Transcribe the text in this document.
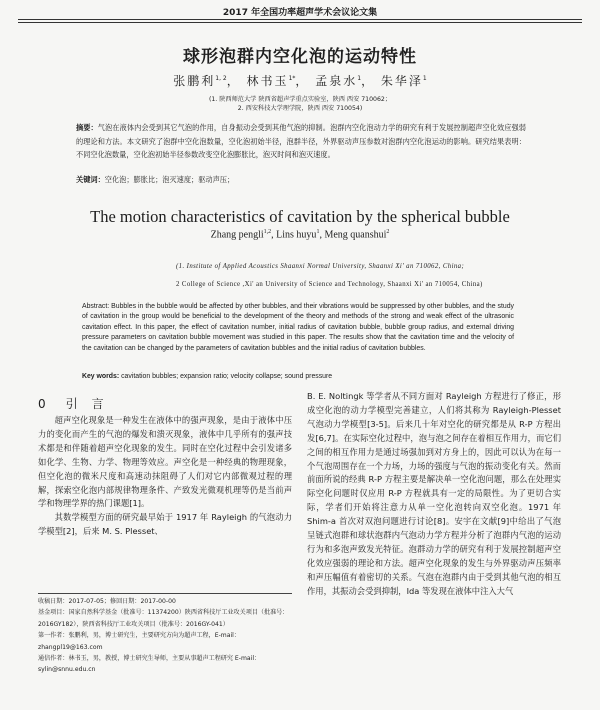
2017 年全国功率超声学术会议论文集
球形泡群内空化泡的运动特性
张鹏利$^{1, 2}$， 林书玉$^{1*}$， 孟泉水$^1$， 朱华泽$^1$
(1. 陕西师范大学 陕西省超声学重点实验室，陕西 西安 710062；
2. 西安科技大学理学院，陕西 西安 710054)
摘要：气泡在液体内会受到其它气泡的作用，自身振动会受到其他气泡的抑制。泡群内空化泡动力学的研究有利于发展控制超声空化效应强弱的理论和方法。本文研究了泡群中空化泡数量，空化泡初始半径，泡群半径，外界驱动声压参数对泡群内空化泡运动的影响。研究结果表明：不同空化泡数量，空化泡初始半径参数改变空化泡膨胀比，泡灭时间和泡灭速度。
关键词：空化泡；膨胀比；泡灭速度；驱动声压；
The motion characteristics of cavitation by the spherical bubble
Zhang pengli$^{1,2}$, Lins huyu$^1$, Meng quanshui$^2$
(1. Institute of Applied Acoustics Shaanxi Normal University, Shaanxi Xi' an 710062, China;
2 College of Science ,Xi' an University of Science and Technology, Shaanxi Xi' an 710054, China)
Abstract: Bubbles in the bubble would be affected by other bubbles, and their vibrations would be suppressed by other bubbles, and the study of cavitation in the group would be beneficial to the development of the theory and methods of the strong and weak effect of the ultrasonic cavitation effect. In this paper, the effect of cavitation number, initial radius of cavitation bubble, bubble group radius, and external driving pressure parameters on cavitation bubble movement was studied in this paper. The results show that the cavitation time and the velocity of the cavitation can be changed by the parameters of cavitation bubbles and the initial radius of cavitation bubbles.
Key words: cavitation bubbles; expansion ratio; velocity collapse; sound pressure
0 引言

超声空化现象是一种发生在液体中的强声现象，是由于液体中压力的变化而产生的气泡的爆发和溃灭现象，液体中几乎所有的强声技术都是和伴随着超声空化现象的发生。同时在空化过程中会引发诸多如化学、生物、力学、物理等效应。声空化是一种经典的物理现象，但空化泡的微米尺度和高速动抹阻碍了人们对它内部微观过程的理解，探索空化泡内部规律物理条件、产致发光微观机理等仍是当前声学和物理学界的热门课题[1]。

其数学模型方面的研究最早始于 1917 年 Rayleigh 的气泡动力学模型[2]，后来 M. S. Plesset、

收稿日期：2017-07-05；修回日期：2017-00-00

基金项目：国家自然科学基金（批准号：11374200）陕西省科技厅工业攻关项目（批准号：2016GY182），陕西省科技厅工业攻关项目（批准号：2016GY-041）

第一作者：张鹏利，男，博士研究生，主要研究方向为超声工程，E-mail：zhangpl19@163.com

通信作者：林书玉，男，教授，博士研究生导师，主要从事超声工程研究 E-mail：sylin@snnu.edu.cn

B. E. Noltingk 等学者从不同方面对 Rayleigh 方程进行了修正，形成空化泡的动力学模型完善建立，人们将其称为 Rayleigh-Plesset 气泡动力学模型[3-5]。后来几十年对空化的研究都是从 R-P 方程出发[6,7]。在实际空化过程中，泡与泡之间存在着相互作用力，而它们之间的相互作用力是通过场强加到对方身上的，因此可以认为在每一个气泡周围存在一个力场，力场的强度与气泡的振动变化有关。然而前面所说的经典 R-P 方程主要是解决单一空化泡问题，那么在处理实际空化问题时仅应用 R-P 方程就具有一定的局限性。为了更切合实际，学者们开始将注意力从单一空化泡转向双空化泡。1971 年 Shim-a 首次对双泡问题进行讨论[8]。安宇在文献[9]中给出了气泡呈链式泡群和球状泡群内气泡动力学方程并分析了泡群内气泡的运动行为和多泡声致发光特征。泡群动力学的研究有利于发展控制超声空化效应强弱的理论和方法。超声空化现象的发生与外界驱动声压频率和声压幅值有着密切的关系。气泡在泡群内由于受到其他气泡的相互作用，其振动会受到抑制，Ida 等发现在液体中注入大气
